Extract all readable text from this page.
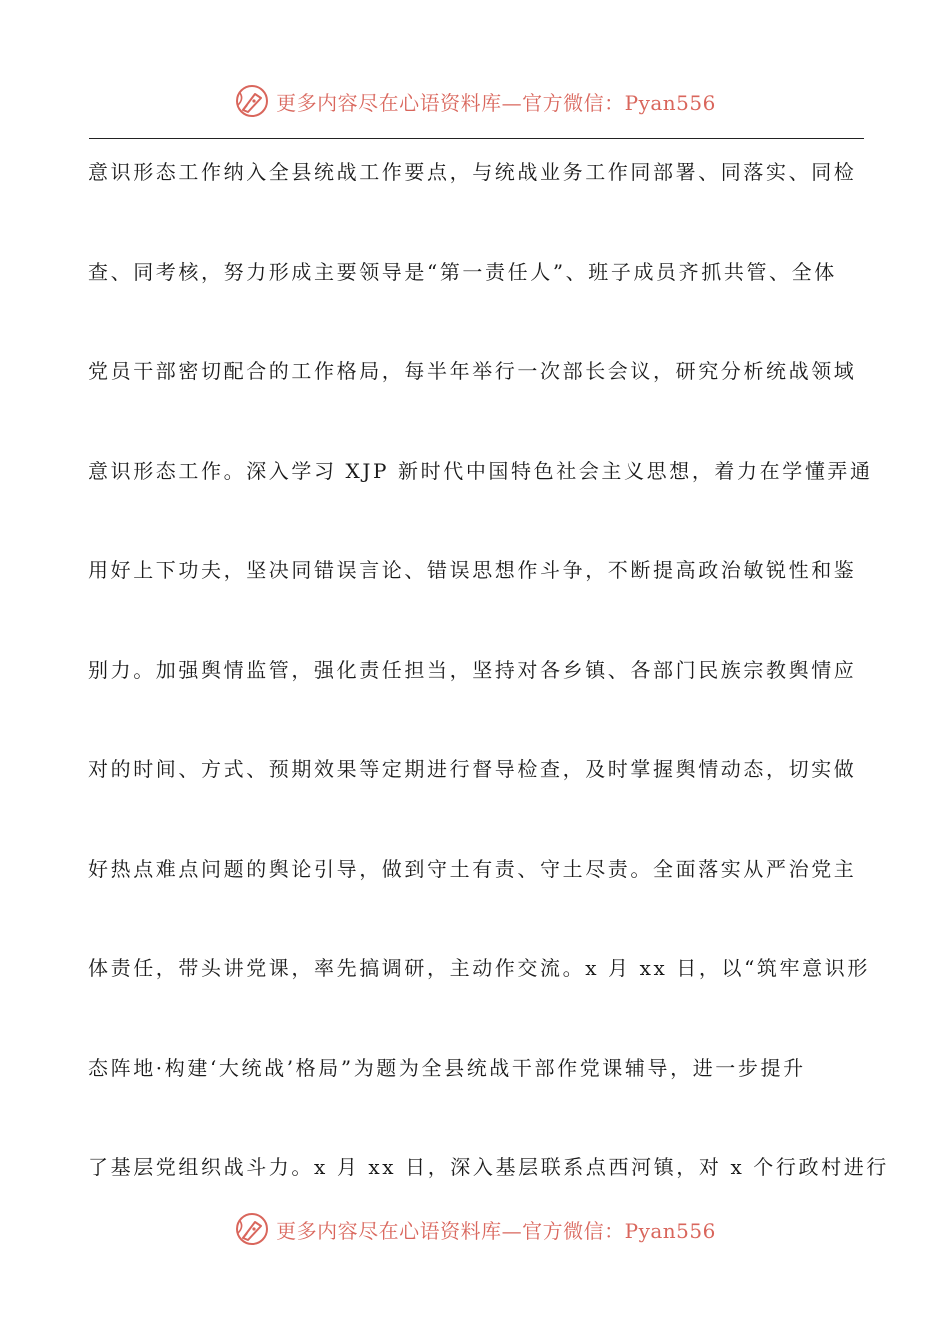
更多内容尽在心语资料库—官方微信：Pyan556
意识形态工作纳入全县统战工作要点，与统战业务工作同部署、同落实、同检
查、同考核，努力形成主要领导是“第一责任人”、班子成员齐抓共管、全体
党员干部密切配合的工作格局，每半年举行一次部长会议，研究分析统战领域
意识形态工作。深入学习 XJP 新时代中国特色社会主义思想，着力在学懂弄通
用好上下功夫，坚决同错误言论、错误思想作斗争，不断提高政治敏锐性和鉴
别力。加强舆情监管，强化责任担当，坚持对各乡镇、各部门民族宗教舆情应
对的时间、方式、预期效果等定期进行督导检查，及时掌握舆情动态，切实做
好热点难点问题的舆论引导，做到守土有责、守土尽责。全面落实从严治党主
体责任，带头讲党课，率先搞调研，主动作交流。x 月 xx 日，以“筑牢意识形
态阵地·构建‘大统战’格局”为题为全县统战干部作党课辅导，进一步提升
了基层党组织战斗力。x 月 xx 日，深入基层联系点西河镇，对 x 个行政村进行
更多内容尽在心语资料库—官方微信：Pyan556
